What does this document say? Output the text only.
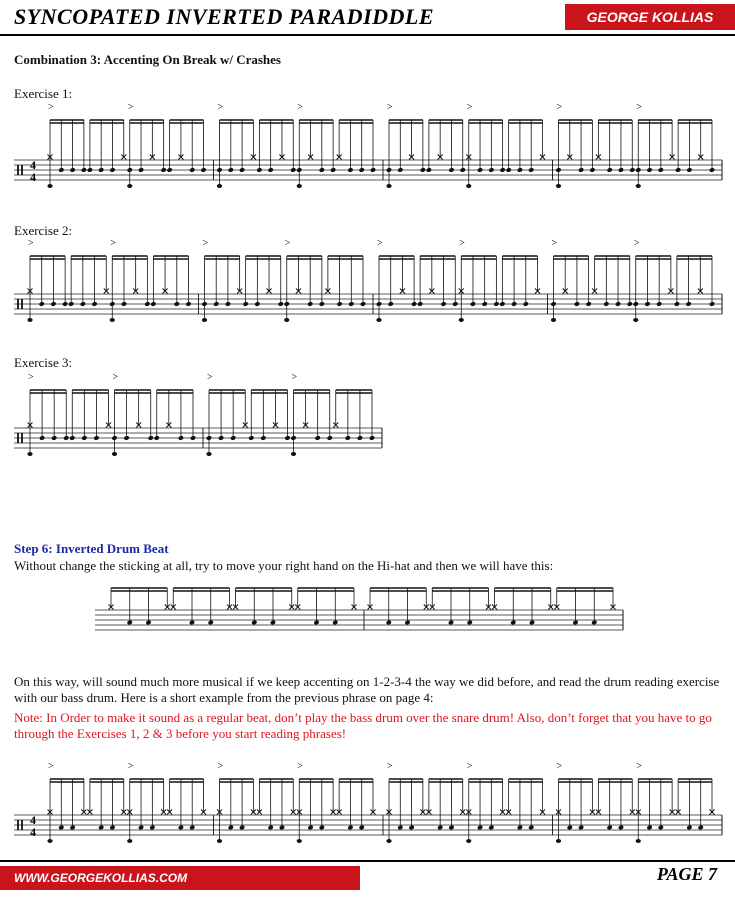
SYNCOPATED INVERTED PARADIDDLE	GEORGE KOLLIAS
Combination 3: Accenting On Break w/ Crashes
Exercise 1:
4
4
>	>	>	>	>	>	>	>
Exercise 2:
>	>	>	>	>	>	>	>
Exercise 3:
>	>	>	>
Step 6: Inverted Drum Beat
Without change the sticking at all, try to move your right hand on the Hi-hat and then we will have this:
On this way, will sound much more musical if we keep accenting on 1-2-3-4 the way we did before, and read the drum reading exercise with our bass drum. Here is a short example from the previous phrase on page 4:
Note: In Order to make it sound as a regular beat, don’t play the bass drum over the snare drum! Also, don’t forget that you have to go through the Exercises 1, 2 & 3 before you start reading phrases!
4
4
>	>	>	>	>	>	>	>
WWW.GEORGEKOLLIAS.COM	PAGE 7
